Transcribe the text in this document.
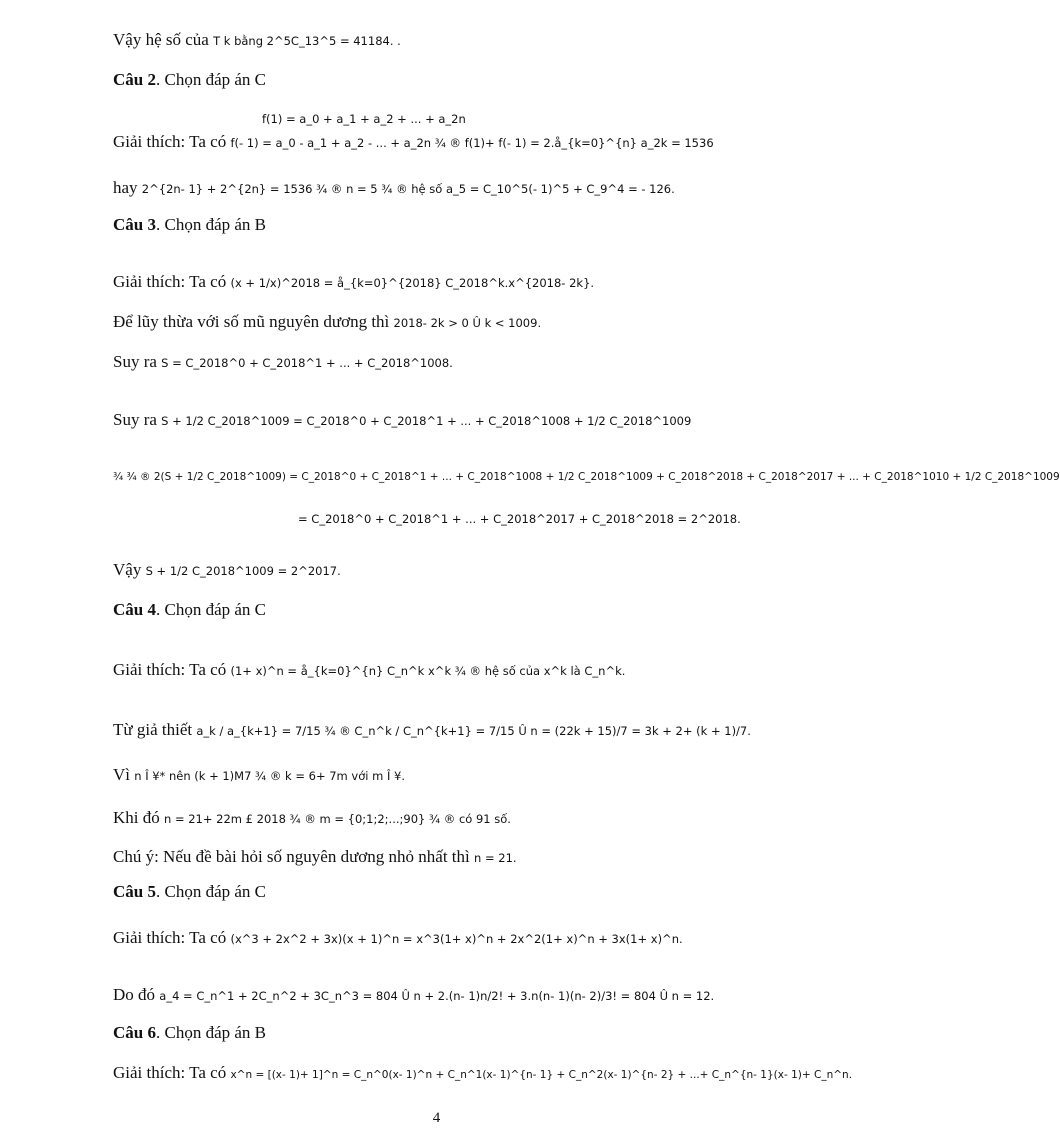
Vậy hệ số của T k bằng 2^5C_13^5 = 41184. .
Câu 2. Chọn đáp án C
f(1) = a_0 + a_1 + a_2 + ... + a_2n
Giải thích: Ta có f(- 1) = a_0 - a_1 + a_2 - ... + a_2n ¾ ® f(1)+ f(- 1) = 2.å_{k=0}^{n} a_2k = 1536
hay 2^{2n- 1} + 2^{2n} = 1536 ¾ ® n = 5 ¾ ® hệ số a_5 = C_10^5(- 1)^5 + C_9^4 = - 126.
Câu 3. Chọn đáp án B
Giải thích: Ta có (x + 1/x)^2018 = å_{k=0}^{2018} C_2018^k.x^{2018- 2k}.
Để lũy thừa với số mũ nguyên dương thì 2018- 2k > 0 Û k < 1009.
Suy ra S = C_2018^0 + C_2018^1 + ... + C_2018^1008.
Suy ra S + 1/2 C_2018^1009 = C_2018^0 + C_2018^1 + ... + C_2018^1008 + 1/2 C_2018^1009
¾ ¾ ® 2(S + 1/2 C_2018^1009) = C_2018^0 + C_2018^1 + ... + C_2018^1008 + 1/2 C_2018^1009 + C_2018^2018 + C_2018^2017 + ... + C_2018^1010 + 1/2 C_2018^1009
= C_2018^0 + C_2018^1 + ... + C_2018^2017 + C_2018^2018 = 2^2018.
Vậy S + 1/2 C_2018^1009 = 2^2017.
Câu 4. Chọn đáp án C
Giải thích: Ta có (1+ x)^n = å_{k=0}^{n} C_n^k x^k ¾ ® hệ số của x^k là C_n^k.
Từ giả thiết a_k / a_{k+1} = 7/15 ¾ ® C_n^k / C_n^{k+1} = 7/15 Û n = (22k + 15)/7 = 3k + 2+ (k + 1)/7.
Vì n Î ¥* nên (k + 1)M7 ¾ ® k = 6+ 7m với m Î ¥.
Khi đó n = 21+ 22m £ 2018 ¾ ® m = {0;1;2;...;90} ¾ ® có 91 số.
Chú ý: Nếu đề bài hỏi số nguyên dương nhỏ nhất thì n = 21.
Câu 5. Chọn đáp án C
Giải thích: Ta có (x^3 + 2x^2 + 3x)(x + 1)^n = x^3(1+ x)^n + 2x^2(1+ x)^n + 3x(1+ x)^n.
Do đó a_4 = C_n^1 + 2C_n^2 + 3C_n^3 = 804 Û n + 2.(n- 1)n/2! + 3.n(n- 1)(n- 2)/3! = 804 Û n = 12.
Câu 6. Chọn đáp án B
Giải thích: Ta có x^n = [(x- 1)+ 1]^n = C_n^0(x- 1)^n + C_n^1(x- 1)^{n- 1} + C_n^2(x- 1)^{n- 2} + ...+ C_n^{n- 1}(x- 1)+ C_n^n.
4
